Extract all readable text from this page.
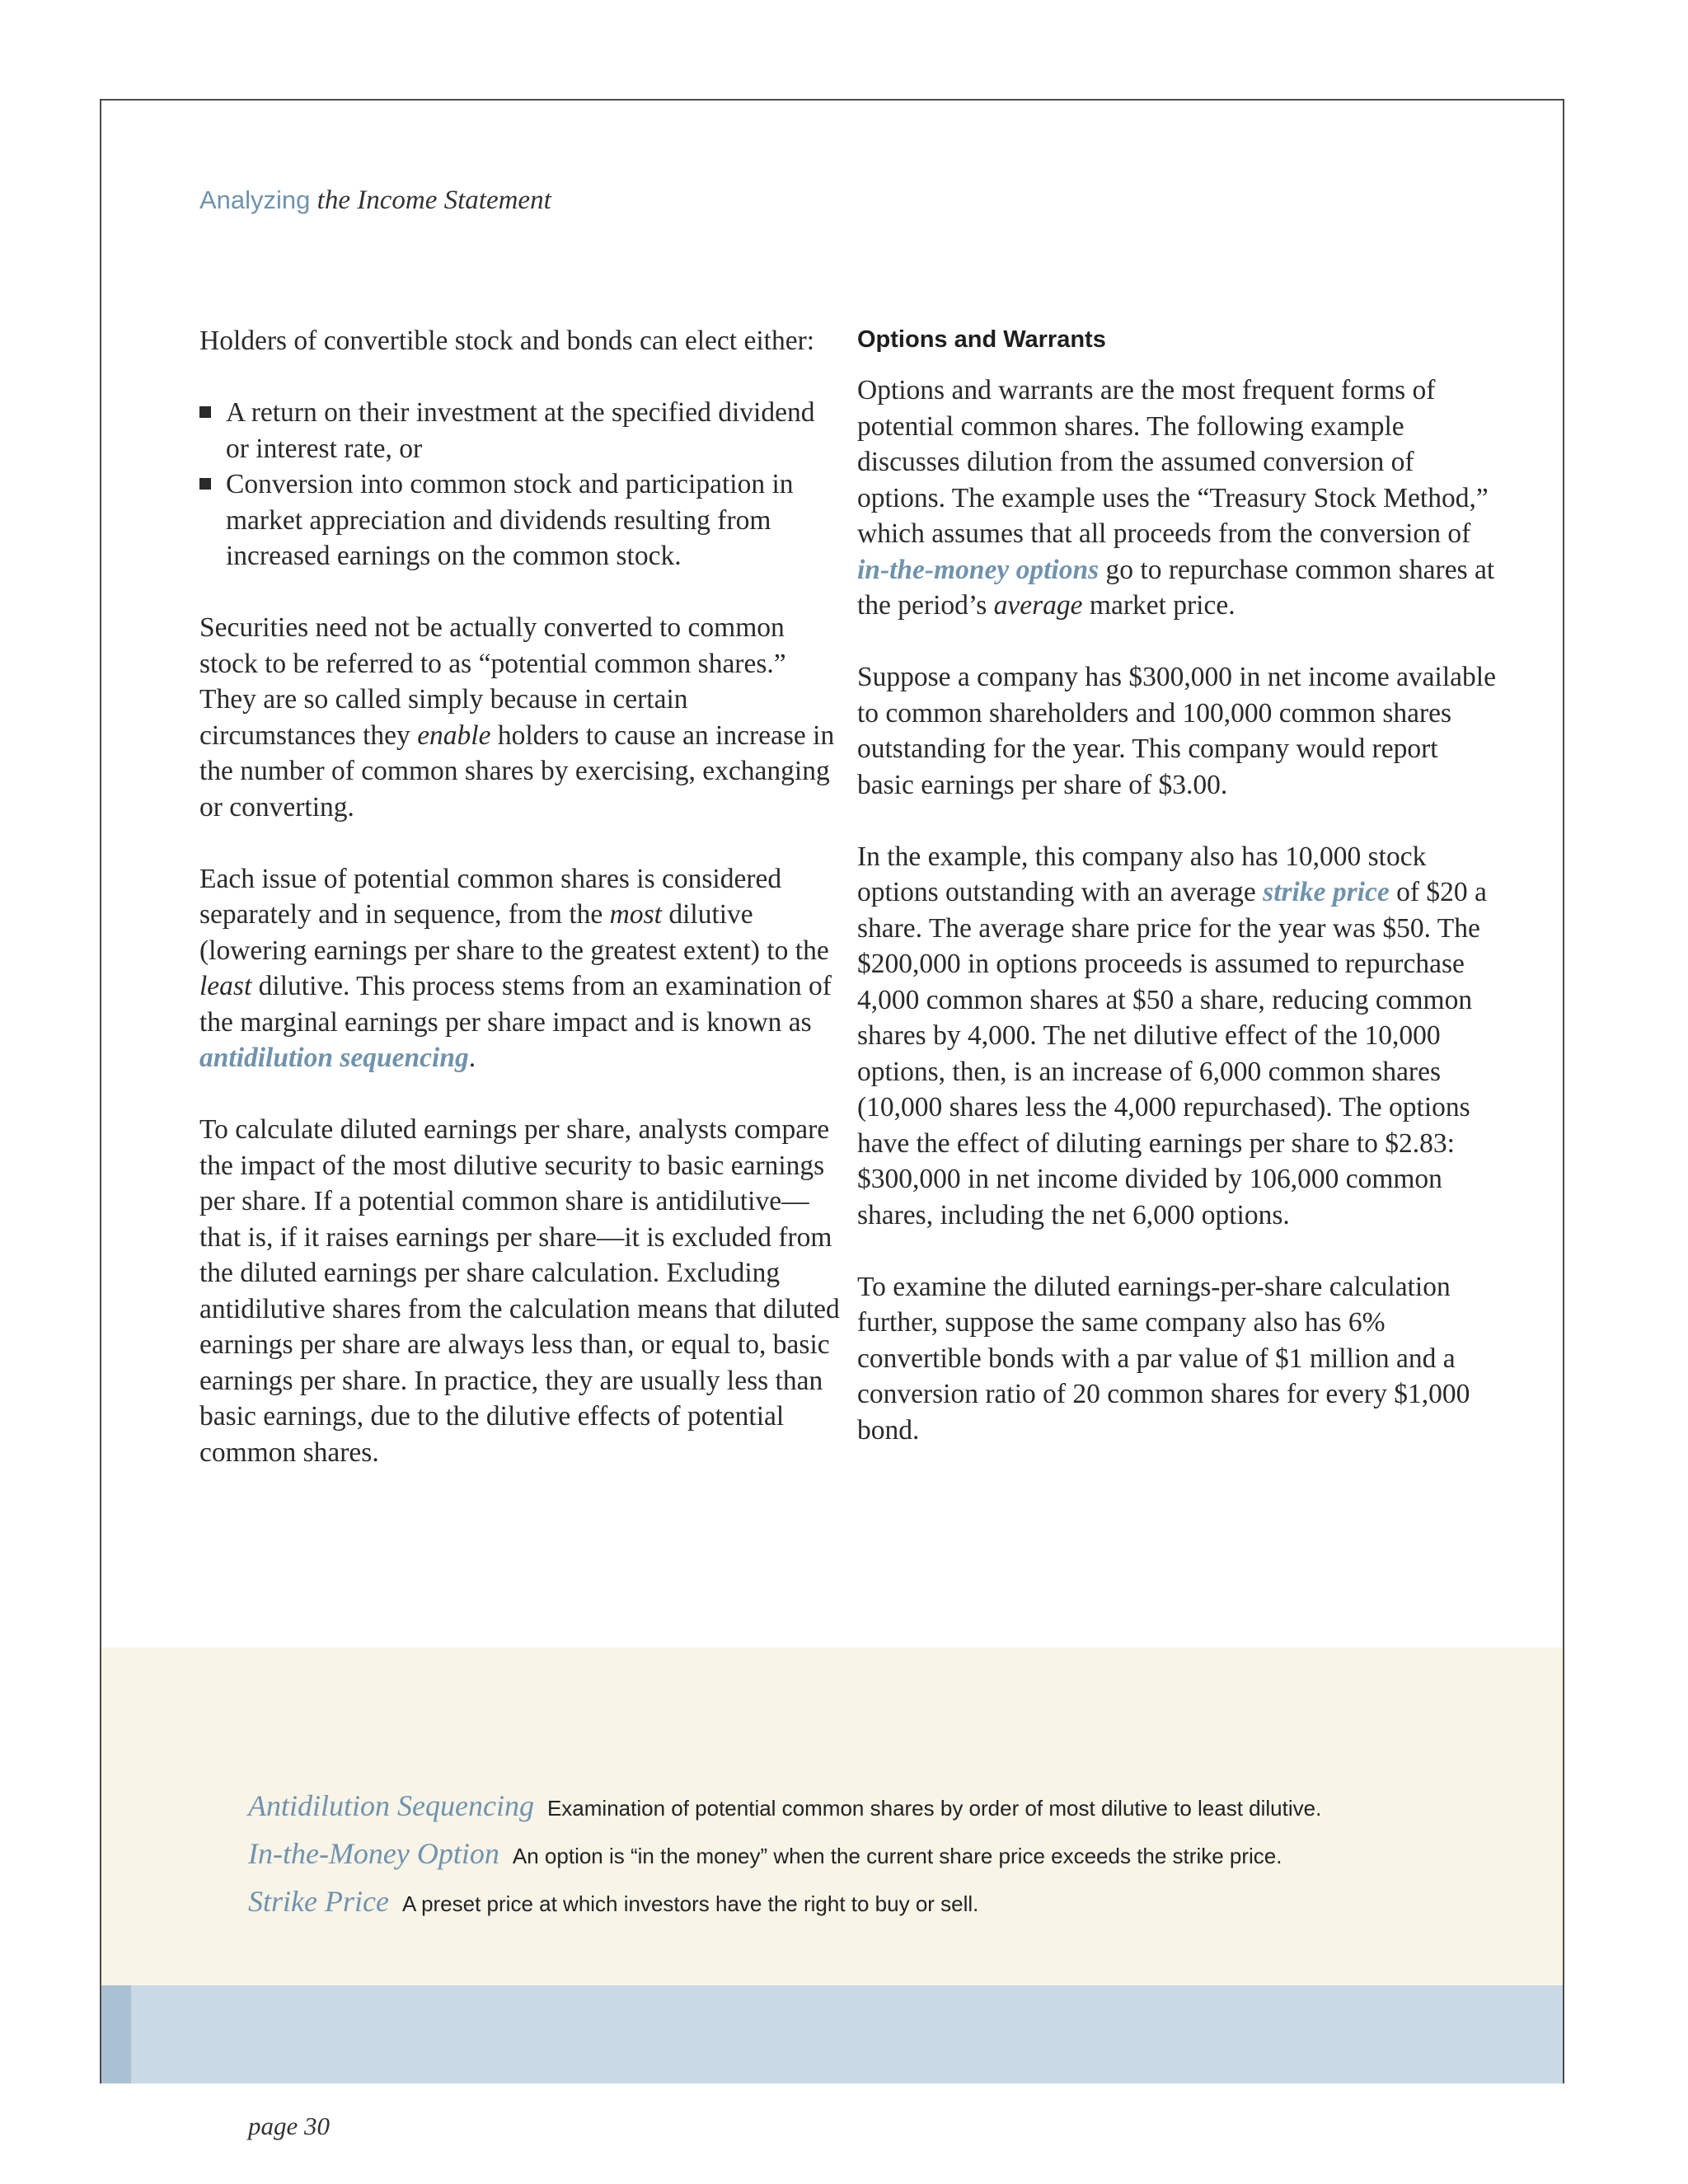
Analyzing the Income Statement

Holders of convertible stock and bonds can elect either:

A return on their investment at the specified dividend or interest rate, or
Conversion into common stock and participation in market appreciation and dividends resulting from increased earnings on the common stock.

Securities need not be actually converted to common stock to be referred to as “potential common shares.” They are so called simply because in certain circumstances they enable holders to cause an increase in the number of common shares by exercising, exchanging or converting.

Each issue of potential common shares is considered separately and in sequence, from the most dilutive (lowering earnings per share to the greatest extent) to the least dilutive. This process stems from an examination of the marginal earnings per share impact and is known as antidilution sequencing.

To calculate diluted earnings per share, analysts compare the impact of the most dilutive security to basic earnings per share. If a potential common share is antidilutive—that is, if it raises earnings per share—it is excluded from the diluted earnings per share calculation. Excluding antidilutive shares from the calculation means that diluted earnings per share are always less than, or equal to, basic earnings per share. In practice, they are usually less than basic earnings, due to the dilutive effects of potential common shares.

Options and Warrants

Options and warrants are the most frequent forms of potential common shares. The following example discusses dilution from the assumed conversion of options. The example uses the “Treasury Stock Method,” which assumes that all proceeds from the conversion of in-the-money options go to repurchase common shares at the period’s average market price.

Suppose a company has $300,000 in net income available to common shareholders and 100,000 common shares outstanding for the year. This company would report basic earnings per share of $3.00.

In the example, this company also has 10,000 stock options outstanding with an average strike price of $20 a share. The average share price for the year was $50. The $200,000 in options proceeds is assumed to repurchase 4,000 common shares at $50 a share, reducing common shares by 4,000. The net dilutive effect of the 10,000 options, then, is an increase of 6,000 common shares (10,000 shares less the 4,000 repurchased). The options have the effect of diluting earnings per share to $2.83: $300,000 in net income divided by 106,000 common shares, including the net 6,000 options.

To examine the diluted earnings-per-share calculation further, suppose the same company also has 6% convertible bonds with a par value of $1 million and a conversion ratio of 20 common shares for every $1,000 bond.

Antidilution Sequencing Examination of potential common shares by order of most dilutive to least dilutive.
In-the-Money Option An option is “in the money” when the current share price exceeds the strike price.
Strike Price A preset price at which investors have the right to buy or sell.
page 30
